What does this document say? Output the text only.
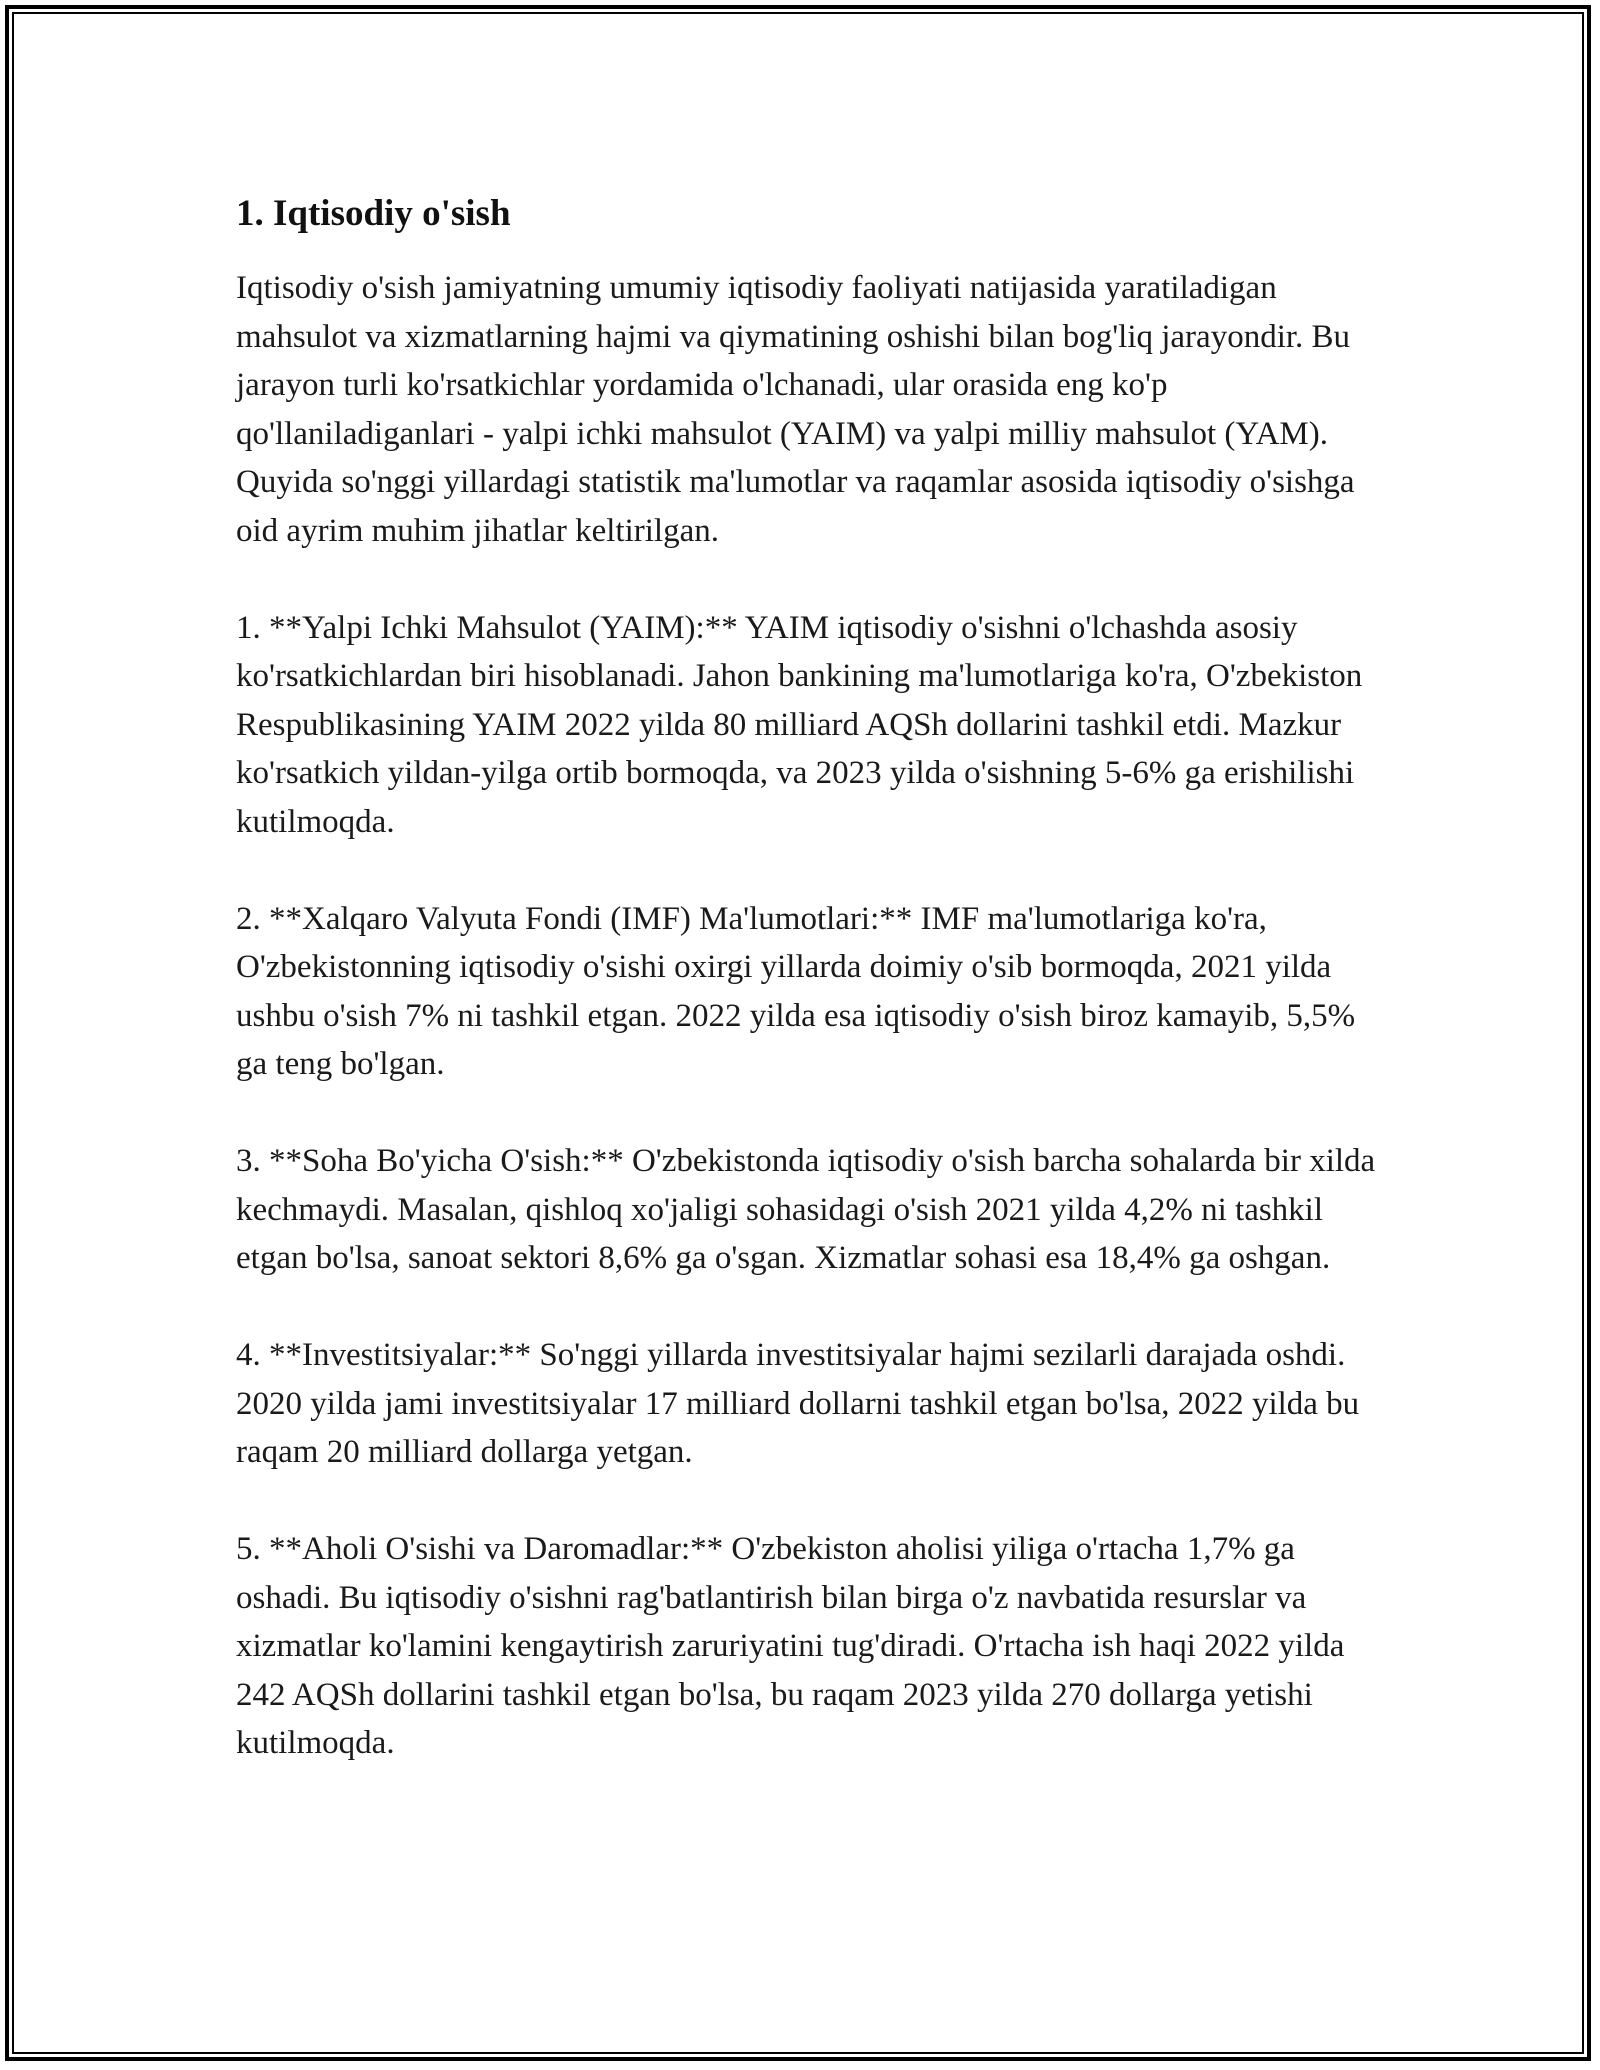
1. Iqtisodiy o'sish

Iqtisodiy o'sish jamiyatning umumiy iqtisodiy faoliyati natijasida yaratiladigan mahsulot va xizmatlarning hajmi va qiymatining oshishi bilan bog'liq jarayondir. Bu jarayon turli ko'rsatkichlar yordamida o'lchanadi, ular orasida eng ko'p qo'llaniladiganlari - yalpi ichki mahsulot (YAIM) va yalpi milliy mahsulot (YAM). Quyida so'nggi yillardagi statistik ma'lumotlar va raqamlar asosida iqtisodiy o'sishga oid ayrim muhim jihatlar keltirilgan.

1. **Yalpi Ichki Mahsulot (YAIM):** YAIM iqtisodiy o'sishni o'lchashda asosiy ko'rsatkichlardan biri hisoblanadi. Jahon bankining ma'lumotlariga ko'ra, O'zbekiston Respublikasining YAIM 2022 yilda 80 milliard AQSh dollarini tashkil etdi. Mazkur ko'rsatkich yildan-yilga ortib bormoqda, va 2023 yilda o'sishning 5-6% ga erishilishi kutilmoqda.

2. **Xalqaro Valyuta Fondi (IMF) Ma'lumotlari:** IMF ma'lumotlariga ko'ra, O'zbekistonning iqtisodiy o'sishi oxirgi yillarda doimiy o'sib bormoqda, 2021 yilda ushbu o'sish 7% ni tashkil etgan. 2022 yilda esa iqtisodiy o'sish biroz kamayib, 5,5% ga teng bo'lgan.

3. **Soha Bo'yicha O'sish:** O'zbekistonda iqtisodiy o'sish barcha sohalarda bir xilda kechmaydi. Masalan, qishloq xo'jaligi sohasidagi o'sish 2021 yilda 4,2% ni tashkil etgan bo'lsa, sanoat sektori 8,6% ga o'sgan. Xizmatlar sohasi esa 18,4% ga oshgan.

4. **Investitsiyalar:** So'nggi yillarda investitsiyalar hajmi sezilarli darajada oshdi. 2020 yilda jami investitsiyalar 17 milliard dollarni tashkil etgan bo'lsa, 2022 yilda bu raqam 20 milliard dollarga yetgan.

5. **Aholi O'sishi va Daromadlar:** O'zbekiston aholisi yiliga o'rtacha 1,7% ga oshadi. Bu iqtisodiy o'sishni rag'batlantirish bilan birga o'z navbatida resurslar va xizmatlar ko'lamini kengaytirish zaruriyatini tug'diradi. O'rtacha ish haqi 2022 yilda 242 AQSh dollarini tashkil etgan bo'lsa, bu raqam 2023 yilda 270 dollarga yetishi kutilmoqda.
